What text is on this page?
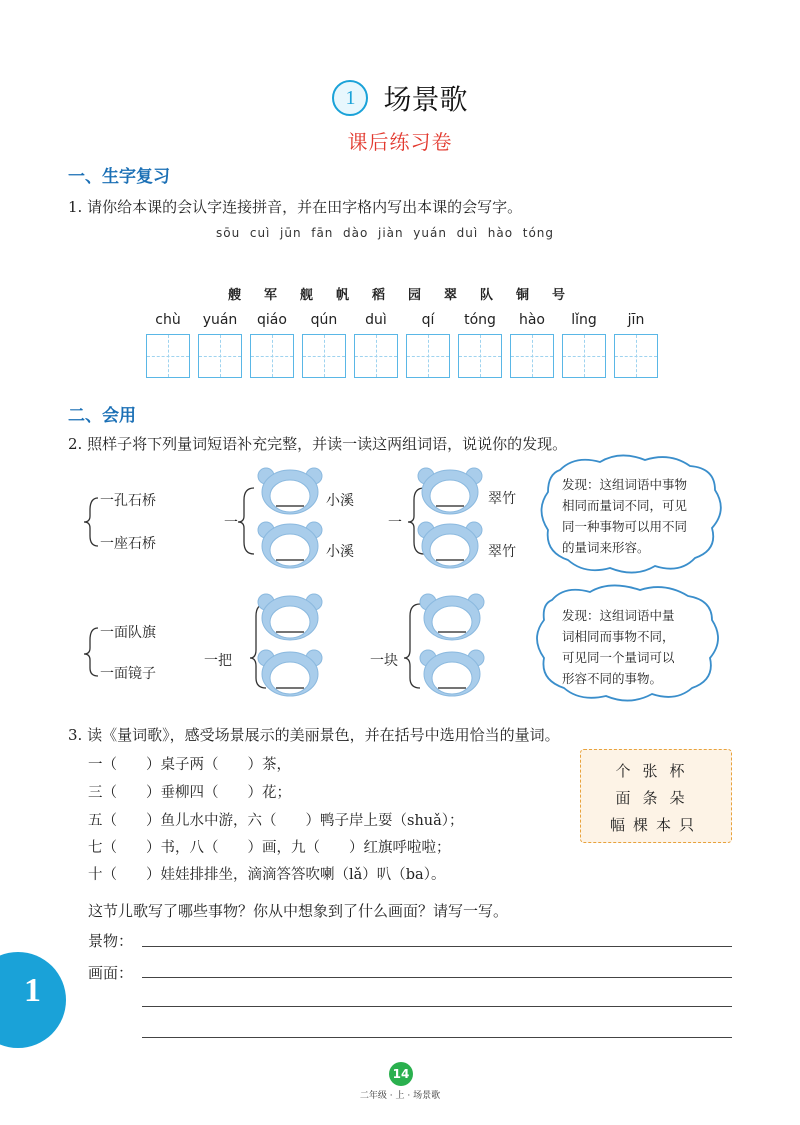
1 场景歌
课后练习卷
一、生字复习
1. 请你给本课的会认字连接拼音，并在田字格内写出本课的会写字。
sōu cuì jūn fān dào jiàn yuán duì hào tóng
艘 军 舰 帆 稻 园 翠 队 铜 号
chù	yuán	qiáo	qún	duì	qí	tóng	hào	lǐng	jīn
二、会用
2. 照样子将下列量词短语补充完整，并读一读这两组词语，说说你的发现。
一孔石桥
一座石桥
一	一
小溪
小溪
翠竹
翠竹
一面队旗
一面镜子
一把	一块
发现：这组词语中事物
相同而量词不同，可见
同一种事物可以用不同
的量词来形容。
发现：这组词语中量
词相同而事物不同，
可见同一个量词可以
形容不同的事物。
3. 读《量词歌》，感受场景展示的美丽景色，并在括号中选用恰当的量词。
一（　　）桌子两（　　）茶，
三（　　）垂柳四（　　）花；
五（　　）鱼儿水中游，六（　　）鸭子岸上耍（shuǎ）；
七（　　）书，八（　　）画，九（　　）红旗呼啦啦；
十（　　）娃娃排排坐，滴滴答答吹喇（lǎ）叭（ba）。
个张杯
面条朵
幅棵本只
这节儿歌写了哪些事物？你从中想象到了什么画面？请写一写。
景物：
画面：
1
14
二年级 · 上 · 场景歌
